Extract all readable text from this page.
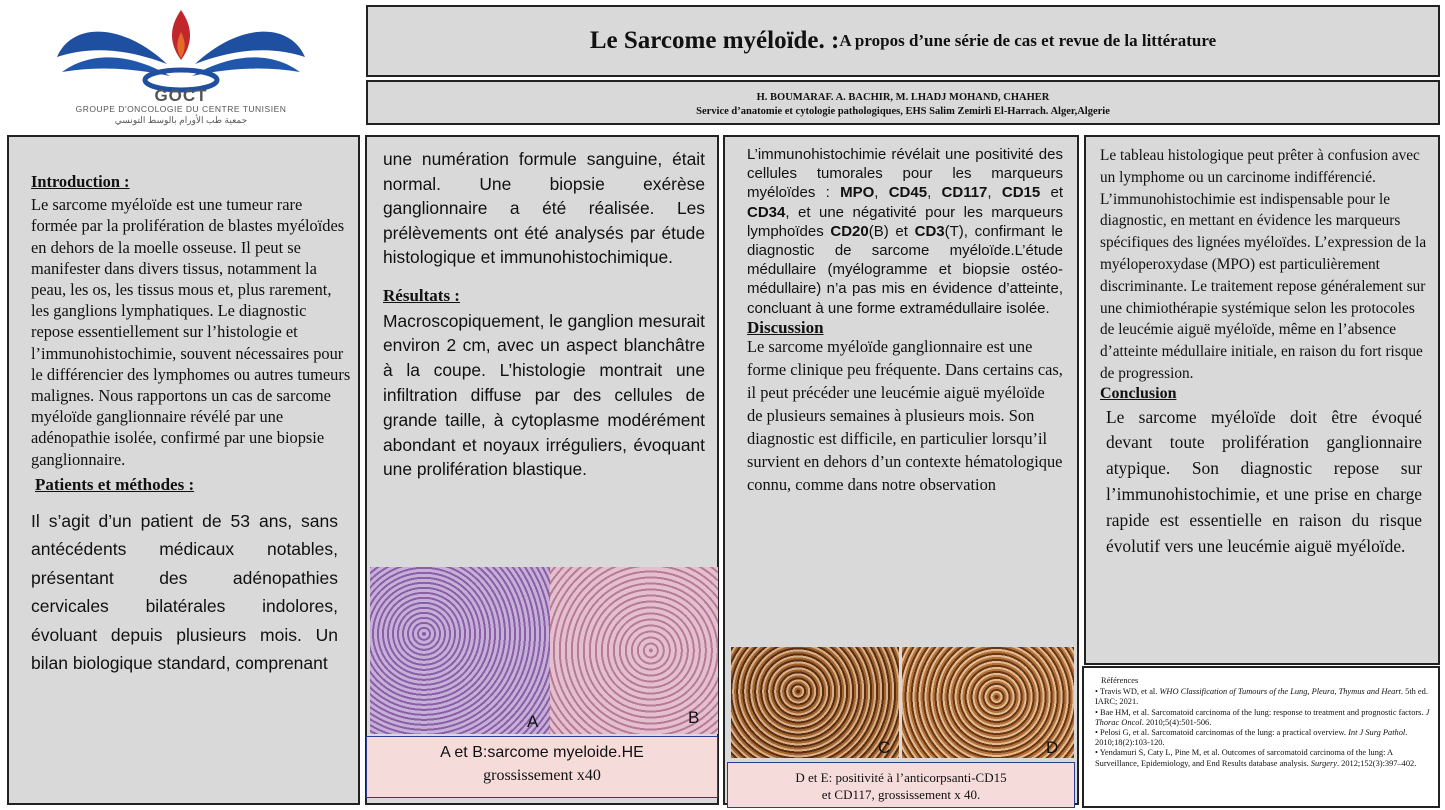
GOCT
GROUPE D'ONCOLOGIE DU CENTRE TUNISIEN
جمعية طب الأورام بالوسط التونسي
Le Sarcome myéloïde. : A propos d’une série de cas et revue de la littérature
H. BOUMARAF. A. BACHIR, M. LHADJ MOHAND, CHAHER
Service d’anatomie et cytologie pathologiques, EHS Salim Zemirli El-Harrach. Alger,Algerie
Introduction :
Le sarcome myéloïde est une tumeur rare formée par la prolifération de blastes myéloïdes en dehors de la moelle osseuse. Il peut se manifester dans divers tissus, notamment la peau, les os, les tissus mous et, plus rarement, les ganglions lymphatiques. Le diagnostic repose essentiellement sur l’histologie et l’immunohistochimie, souvent nécessaires pour le différencier des lymphomes ou autres tumeurs malignes. Nous rapportons un cas de sarcome myéloïde ganglionnaire révélé par une adénopathie isolée, confirmé par une biopsie ganglionnaire.
Patients et méthodes :
Il s’agit d’un patient de 53 ans, sans antécédents médicaux notables, présentant des adénopathies cervicales bilatérales indolores, évoluant depuis plusieurs mois. Un bilan biologique standard, comprenant
une numération formule sanguine, était normal. Une biopsie exérèse ganglionnaire a été réalisée. Les prélèvements ont été analysés par étude histologique et immunohistochimique.
Résultats :
Macroscopiquement, le ganglion mesurait environ 2 cm, avec un aspect blanchâtre à la coupe. L’histologie montrait une infiltration diffuse par des cellules de grande taille, à cytoplasme modérément abondant et noyaux irréguliers, évoquant une prolifération blastique.
A	B
A et B:sarcome myeloide.HE
grossissement x40
L’immunohistochimie révélait une positivité des cellules tumorales pour les marqueurs myéloïdes : MPO, CD45, CD117, CD15 et CD34, et une négativité pour les marqueurs lymphoïdes CD20(B) et CD3(T), confirmant le diagnostic de sarcome myéloïde.L’étude médullaire (myélogramme et biopsie ostéo-médullaire) n’a pas mis en évidence d’atteinte, concluant à une forme extramédullaire isolée.
Discussion
Le sarcome myéloïde ganglionnaire est une forme clinique peu fréquente. Dans certains cas, il peut précéder une leucémie aiguë myéloïde de plusieurs semaines à plusieurs mois. Son diagnostic est difficile, en particulier lorsqu’il survient en dehors d’un contexte hématologique connu, comme dans notre observation
C	D
D et E: positivité à l’anticorpsanti-CD15
et CD117, grossissement x 40.
Le tableau histologique peut prêter à confusion avec un lymphome ou un carcinome indifférencié. L’immunohistochimie est indispensable pour le diagnostic, en mettant en évidence les marqueurs spécifiques des lignées myéloïdes. L’expression de la myéloperoxydase (MPO) est particulièrement discriminante. Le traitement repose généralement sur une chimiothérapie systémique selon les protocoles de leucémie aiguë myéloïde, même en l’absence d’atteinte médullaire initiale, en raison du fort risque de progression.
Conclusion
Le sarcome myéloïde doit être évoqué devant toute prolifération ganglionnaire atypique. Son diagnostic repose sur l’immunohistochimie, et une prise en charge rapide est essentielle en raison du risque évolutif vers une leucémie aiguë myéloïde.
Références
• Travis WD, et al. WHO Classification of Tumours of the Lung, Pleura, Thymus and Heart. 5th ed. IARC; 2021.
• Bae HM, et al. Sarcomatoid carcinoma of the lung: response to treatment and prognostic factors. J Thorac Oncol. 2010;5(4):501-506.
• Pelosi G, et al. Sarcomatoid carcinomas of the lung: a practical overview. Int J Surg Pathol. 2010;18(2):103-120.
• Yendamuri S, Caty L, Pine M, et al. Outcomes of sarcomatoid carcinoma of the lung: A Surveillance, Epidemiology, and End Results database analysis. Surgery. 2012;152(3):397–402.
